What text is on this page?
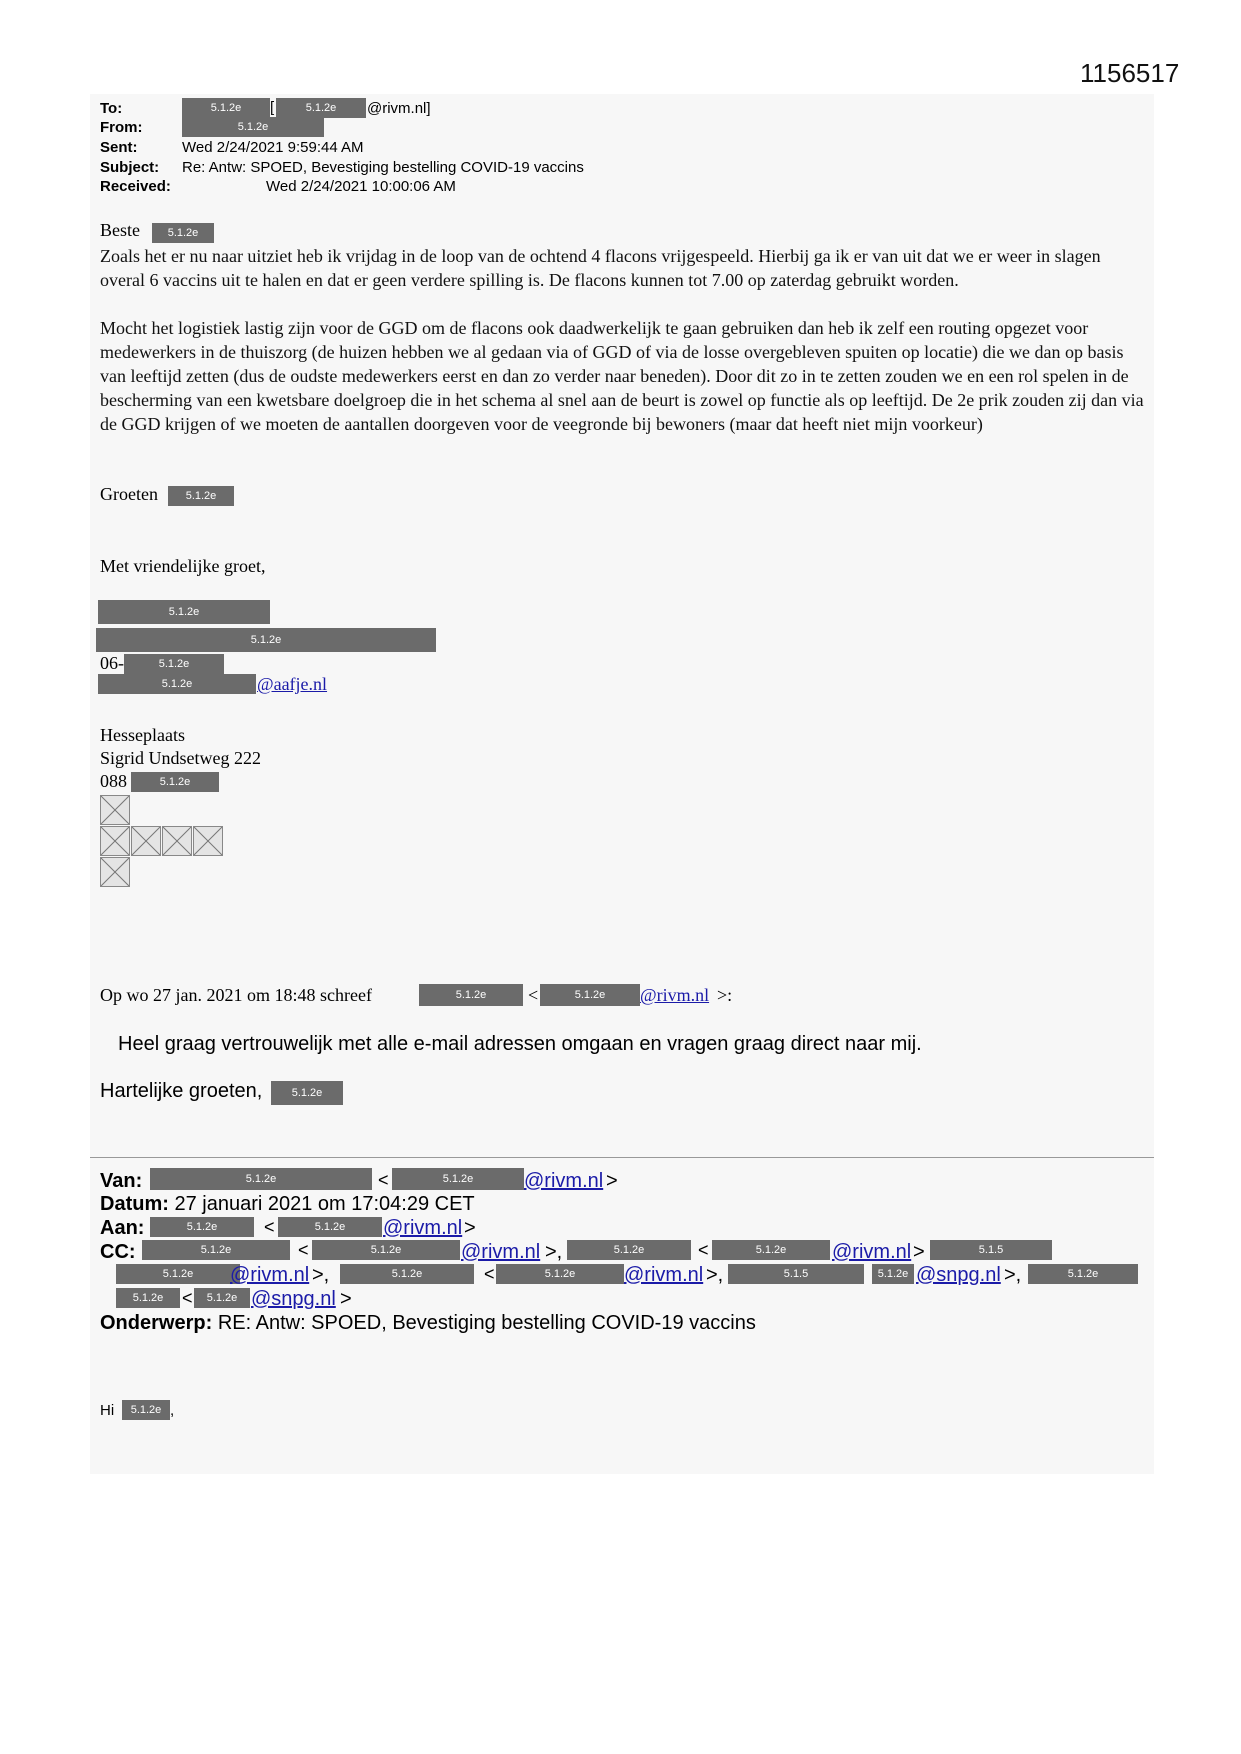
1156517
To:	5.1.2e	[	5.1.2e	@rivm.nl]
From:	5.1.2e
Sent:	Wed 2/24/2021 9:59:44 AM
Subject: Re: Antw: SPOED, Bevestiging bestelling COVID-19 vaccins
Received:	Wed 2/24/2021 10:00:06 AM
Beste	5.1.2e
Zoals het er nu naar uitziet heb ik vrijdag in de loop van de ochtend 4 flacons vrijgespeeld. Hierbij ga ik er van uit dat we er weer in slagen overal 6 vaccins uit te halen en dat er geen verdere spilling is. De flacons kunnen tot 7.00 op zaterdag gebruikt worden.
Mocht het logistiek lastig zijn voor de GGD om de flacons ook daadwerkelijk te gaan gebruiken dan heb ik zelf een routing opgezet voor medewerkers in de thuiszorg (de huizen hebben we al gedaan via of GGD of via de losse overgebleven spuiten op locatie) die we dan op basis van leeftijd zetten (dus de oudste medewerkers eerst en dan zo verder naar beneden). Door dit zo in te zetten zouden we en een rol spelen in de bescherming van een kwetsbare doelgroep die in het schema al snel aan de beurt is zowel op functie als op leeftijd. De 2e prik zouden zij dan via de GGD krijgen of we moeten de aantallen doorgeven voor de veegronde bij bewoners (maar dat heeft niet mijn voorkeur)
Groeten	5.1.2e
Met vriendelijke groet,
5.1.2e
5.1.2e
06-	5.1.2e
5.1.2e	@aafje.nl
Hesseplaats
Sigrid Undsetweg 222
088	5.1.2e
Op wo 27 jan. 2021 om 18:48 schreef	5.1.2e	<	5.1.2e	@rivm.nl >:
Heel graag vertrouwelijk met alle e-mail adressen omgaan en vragen graag direct naar mij.
Hartelijke groeten,	5.1.2e
Van:	5.1.2e	<	5.1.2e	@rivm.nl >
Datum: 27 januari 2021 om 17:04:29 CET
Aan:	5.1.2e	<	5.1.2e	@rivm.nl >
CC:	5.1.2e	<	5.1.2e	@rivm.nl >,	5.1.2e	<	5.1.2e	@rivm.nl >	5.1.5
5.1.2e	@rivm.nl >,	5.1.2e	<	5.1.2e	@rivm.nl >,	5.1.5	5.1.2e @snpg.nl >,	5.1.2e
5.1.2e	<	5.1.2e @snpg.nl >
Onderwerp: RE: Antw: SPOED, Bevestiging bestelling COVID-19 vaccins
Hi	5.1.2e ,
